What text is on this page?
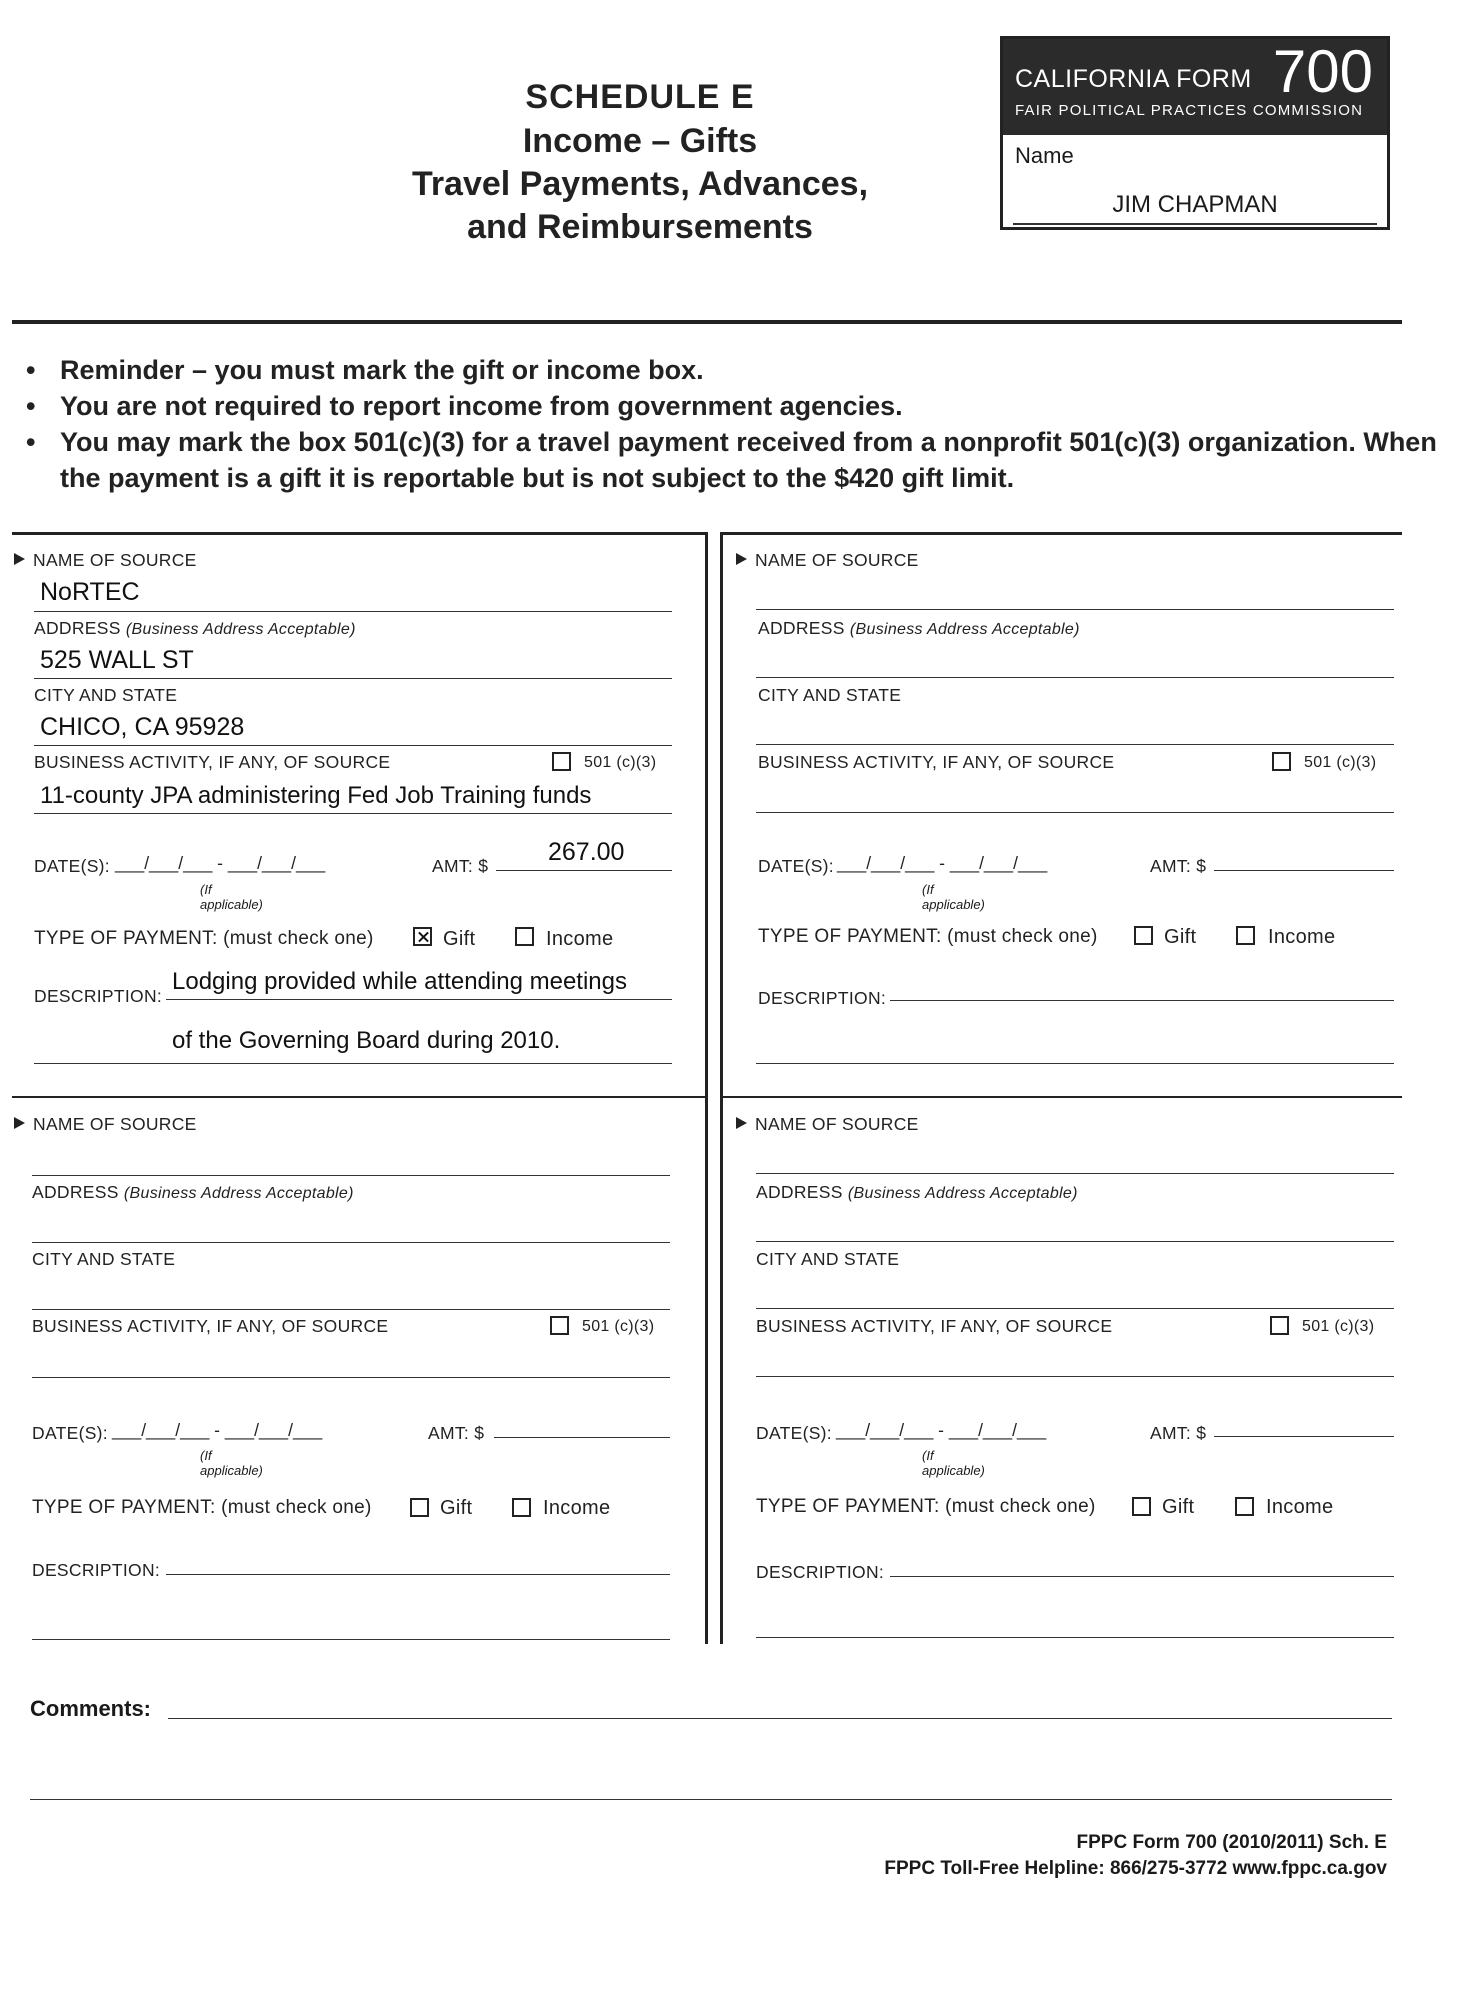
SCHEDULE E
Income – Gifts
Travel Payments, Advances,
and Reimbursements
CALIFORNIA FORM 700
FAIR POLITICAL PRACTICES COMMISSION
Name
JIM CHAPMAN
• Reminder – you must mark the gift or income box.
• You are not required to report income from government agencies.
• You may mark the box 501(c)(3) for a travel payment received from a nonprofit 501(c)(3) organization. When the payment is a gift it is reportable but is not subject to the $420 gift limit.
NAME OF SOURCE
NoRTEC
ADDRESS (Business Address Acceptable)
525 WALL ST
CITY AND STATE
CHICO, CA 95928
BUSINESS ACTIVITY, IF ANY, OF SOURCE	501 (c)(3)
11-county JPA administering Fed Job Training funds
DATE(S): ___/___/___ - ___/___/___	AMT: $ 267.00
(If applicable)
TYPE OF PAYMENT: (must check one)	Gift	Income
DESCRIPTION:
Lodging provided while attending meetings
of the Governing Board during 2010.
NAME OF SOURCE
ADDRESS (Business Address Acceptable)
CITY AND STATE
BUSINESS ACTIVITY, IF ANY, OF SOURCE	501 (c)(3)
DATE(S): ___/___/___ - ___/___/___	AMT: $
(If applicable)
TYPE OF PAYMENT: (must check one)	Gift	Income
DESCRIPTION:
NAME OF SOURCE
ADDRESS (Business Address Acceptable)
CITY AND STATE
BUSINESS ACTIVITY, IF ANY, OF SOURCE	501 (c)(3)
DATE(S): ___/___/___ - ___/___/___	AMT: $
(If applicable)
TYPE OF PAYMENT: (must check one)	Gift	Income
DESCRIPTION:
NAME OF SOURCE
ADDRESS (Business Address Acceptable)
CITY AND STATE
BUSINESS ACTIVITY, IF ANY, OF SOURCE	501 (c)(3)
DATE(S): ___/___/___ - ___/___/___	AMT: $
(If applicable)
TYPE OF PAYMENT: (must check one)	Gift	Income
DESCRIPTION:
Comments:
FPPC Form 700 (2010/2011) Sch. E
FPPC Toll-Free Helpline: 866/275-3772 www.fppc.ca.gov
